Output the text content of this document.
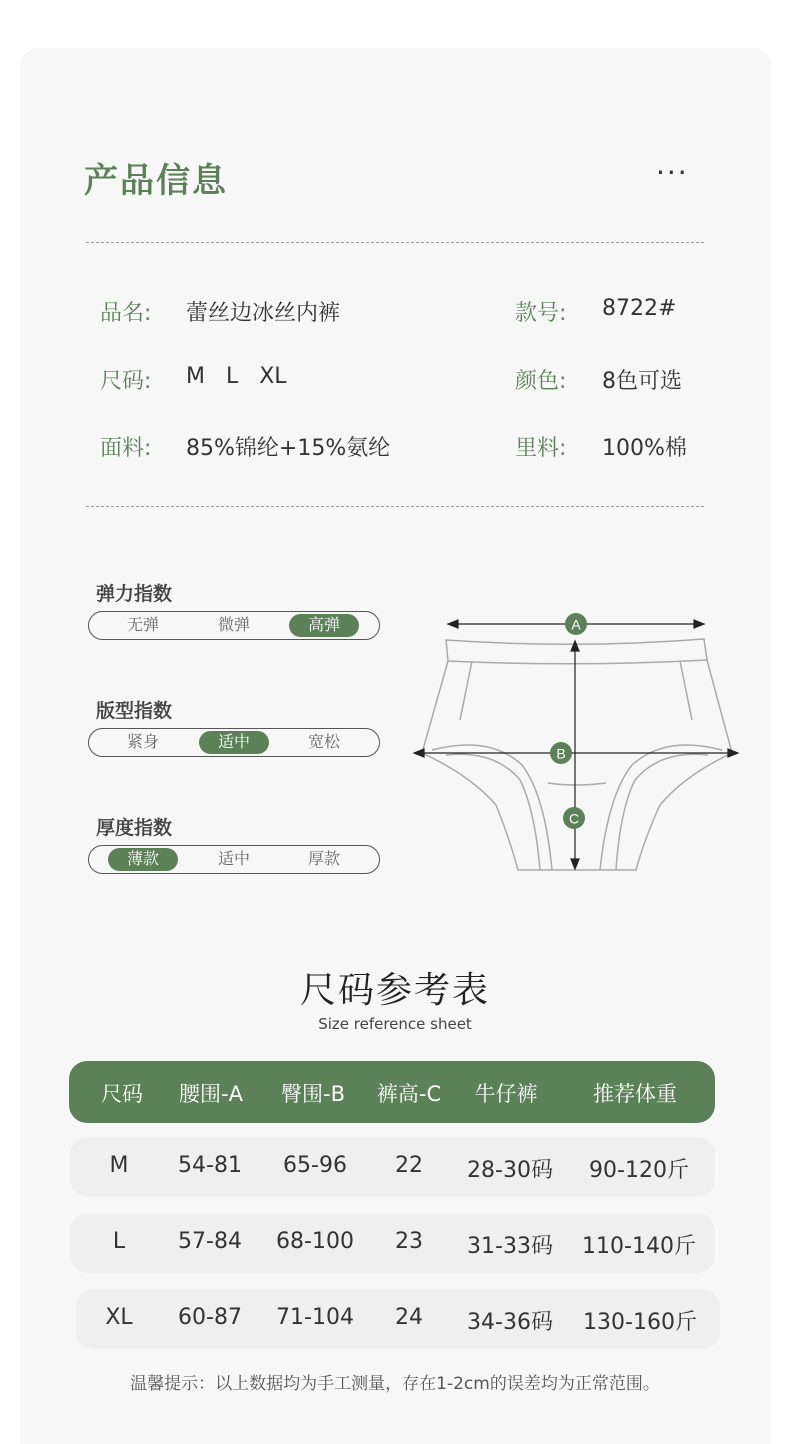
产品信息	···
品名: 蕾丝边冰丝内裤	款号: 8722#
尺码: M   L   XL	颜色: 8色可选
面料: 85%锦纶+15%氨纶	里料: 100%棉
弹力指数
无弹	微弹	高弹
版型指数
紧身	适中	宽松
厚度指数
薄款	适中	厚款
A
B
C
尺码参考表
Size reference sheet
尺码 腰围-A 臀围-B 裤高-C 牛仔裤	推荐体重
M 54-81 65-96 22 28-30码 90-120斤
L 57-84 68-100 23 31-33码 110-140斤
XL 60-87 71-104 24 34-36码 130-160斤
温馨提示：以上数据均为手工测量，存在1-2cm的误差均为正常范围。
